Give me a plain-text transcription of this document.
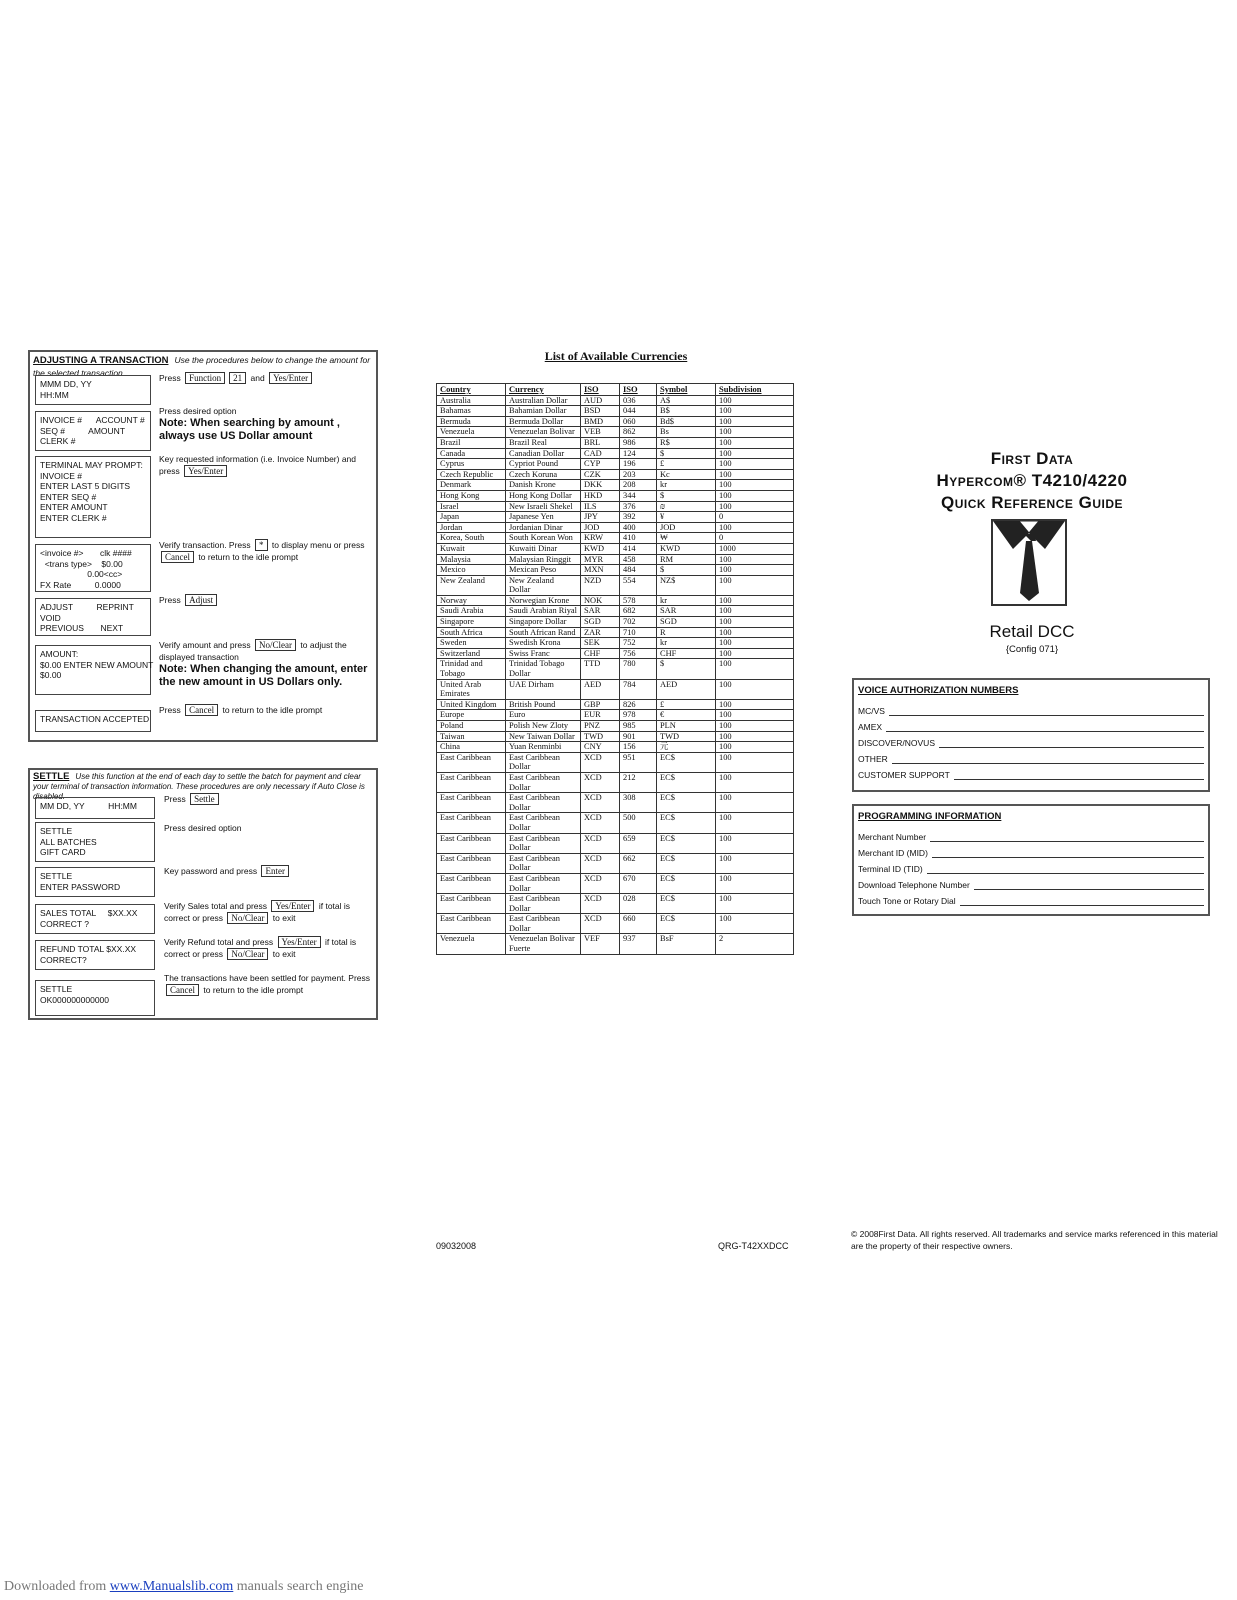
ADJUSTING A TRANSACTION Use the procedures below to change the amount for the selected transaction.
SETTLE Use this function at the end of each day to settle the batch for payment and clear your terminal of transaction information. These procedures are only necessary if Auto Close is disabled.
List of Available Currencies
Country	Currency	ISO	ISO	Symbol	Subdivision
Australia	Australian Dollar	AUD	036	A$	100
Bahamas	Bahamian Dollar	BSD	044	B$	100
Bermuda	Bermuda Dollar	BMD	060	Bd$	100
Venezuela	Venezuelan Bolivar	VEB	862	Bs	100
Brazil	Brazil Real	BRL	986	R$	100
Canada	Canadian Dollar	CAD	124	$	100
Cyprus	Cypriot Pound	CYP	196	£	100
Czech Republic	Czech Koruna	CZK	203	Kc	100
Denmark	Danish Krone	DKK	208	kr	100
Hong Kong	Hong Kong Dollar	HKD	344	$	100
Israel	New Israeli Shekel	ILS	376	₪	100
Japan	Japanese Yen	JPY	392	¥	0
Jordan	Jordanian Dinar	JOD	400	JOD	100
Korea, South	South Korean Won	KRW	410	₩	0
Kuwait	Kuwaiti Dinar	KWD	414	KWD	1000
Malaysia	Malaysian Ringgit	MYR	458	RM	100
Mexico	Mexican Peso	MXN	484	$	100
New Zealand	New Zealand Dollar	NZD	554	NZ$	100
Norway	Norwegian Krone	NOK	578	kr	100
Saudi Arabia	Saudi Arabian Riyal	SAR	682	SAR	100
Singapore	Singapore Dollar	SGD	702	SGD	100
South Africa	South African Rand	ZAR	710	R	100
Sweden	Swedish Krona	SEK	752	kr	100
Switzerland	Swiss Franc	CHF	756	CHF	100
Trinidad and Tobago	Trinidad Tobago Dollar	TTD	780	$	100
United Arab Emirates	UAE Dirham	AED	784	AED	100
United Kingdom	British Pound	GBP	826	£	100
Europe	Euro	EUR	978	€	100
Poland	Polish New Zloty	PNZ	985	PLN	100
Taiwan	New Taiwan Dollar	TWD	901	TWD	100
China	Yuan Renminbi	CNY	156	元	100
East Caribbean	East Caribbean Dollar	XCD	951	EC$	100
East Caribbean	East Caribbean Dollar	XCD	212	EC$	100
East Caribbean	East Caribbean Dollar	XCD	308	EC$	100
East Caribbean	East Caribbean Dollar	XCD	500	EC$	100
East Caribbean	East Caribbean Dollar	XCD	659	EC$	100
East Caribbean	East Caribbean Dollar	XCD	662	EC$	100
East Caribbean	East Caribbean Dollar	XCD	670	EC$	100
East Caribbean	East Caribbean Dollar	XCD	028	EC$	100
East Caribbean	East Caribbean Dollar	XCD	660	EC$	100
Venezuela	Venezuelan Bolivar Fuerte	VEF	937	BsF	2
First Data
Hypercom® T4210/4220
Quick Reference Guide
Retail DCC
{Config 071}
VOICE AUTHORIZATION NUMBERS
MC/VS
AMEX
DISCOVER/NOVUS
OTHER
CUSTOMER SUPPORT
PROGRAMMING INFORMATION
Merchant Number
Merchant ID (MID)
Terminal ID (TID)
Download Telephone Number
Touch Tone or Rotary Dial
09032008	QRG-T42XXDCC
© 2008First Data. All rights reserved. All trademarks and service marks referenced in this material are the property of their respective owners.
Downloaded from www.Manualslib.com manuals search engine
MMM DD, YY
HH:MM
Press Function 21 and Yes/Enter
INVOICE #      ACCOUNT #
SEQ #          AMOUNT
CLERK #
Press desired option
Note: When searching by amount , always use US Dollar amount
TERMINAL MAY PROMPT:
INVOICE #
ENTER LAST 5 DIGITS
ENTER SEQ #
ENTER AMOUNT
ENTER CLERK #
Key requested information (i.e. Invoice Number) and press Yes/Enter
<invoice #>       clk ####
<trans type>    $0.00
0.00<cc>
FX Rate          0.0000
Verify transaction. Press * to display menu or press Cancel to return to the idle prompt
ADJUST          REPRINT
VOID
PREVIOUS       NEXT
Press Adjust
AMOUNT:
$0.00 ENTER NEW AMOUNT
$0.00
Verify amount and press No/Clear to adjust the displayed transaction
Note: When changing the amount, enter the new amount in US Dollars only.
TRANSACTION ACCEPTED
Press Cancel to return to the idle prompt
MM DD, YY          HH:MM
Press Settle
SETTLE
ALL BATCHES
GIFT CARD
Press desired option
SETTLE
ENTER PASSWORD
Key password and press Enter
SALES TOTAL     $XX.XX
CORRECT ?
Verify Sales total and press Yes/Enter if total is correct or press No/Clear to exit
REFUND TOTAL $XX.XX
CORRECT?
Verify Refund total and press Yes/Enter if total is correct or press No/Clear to exit
SETTLE
OK000000000000
The transactions have been settled for payment. Press Cancel to return to the idle prompt
